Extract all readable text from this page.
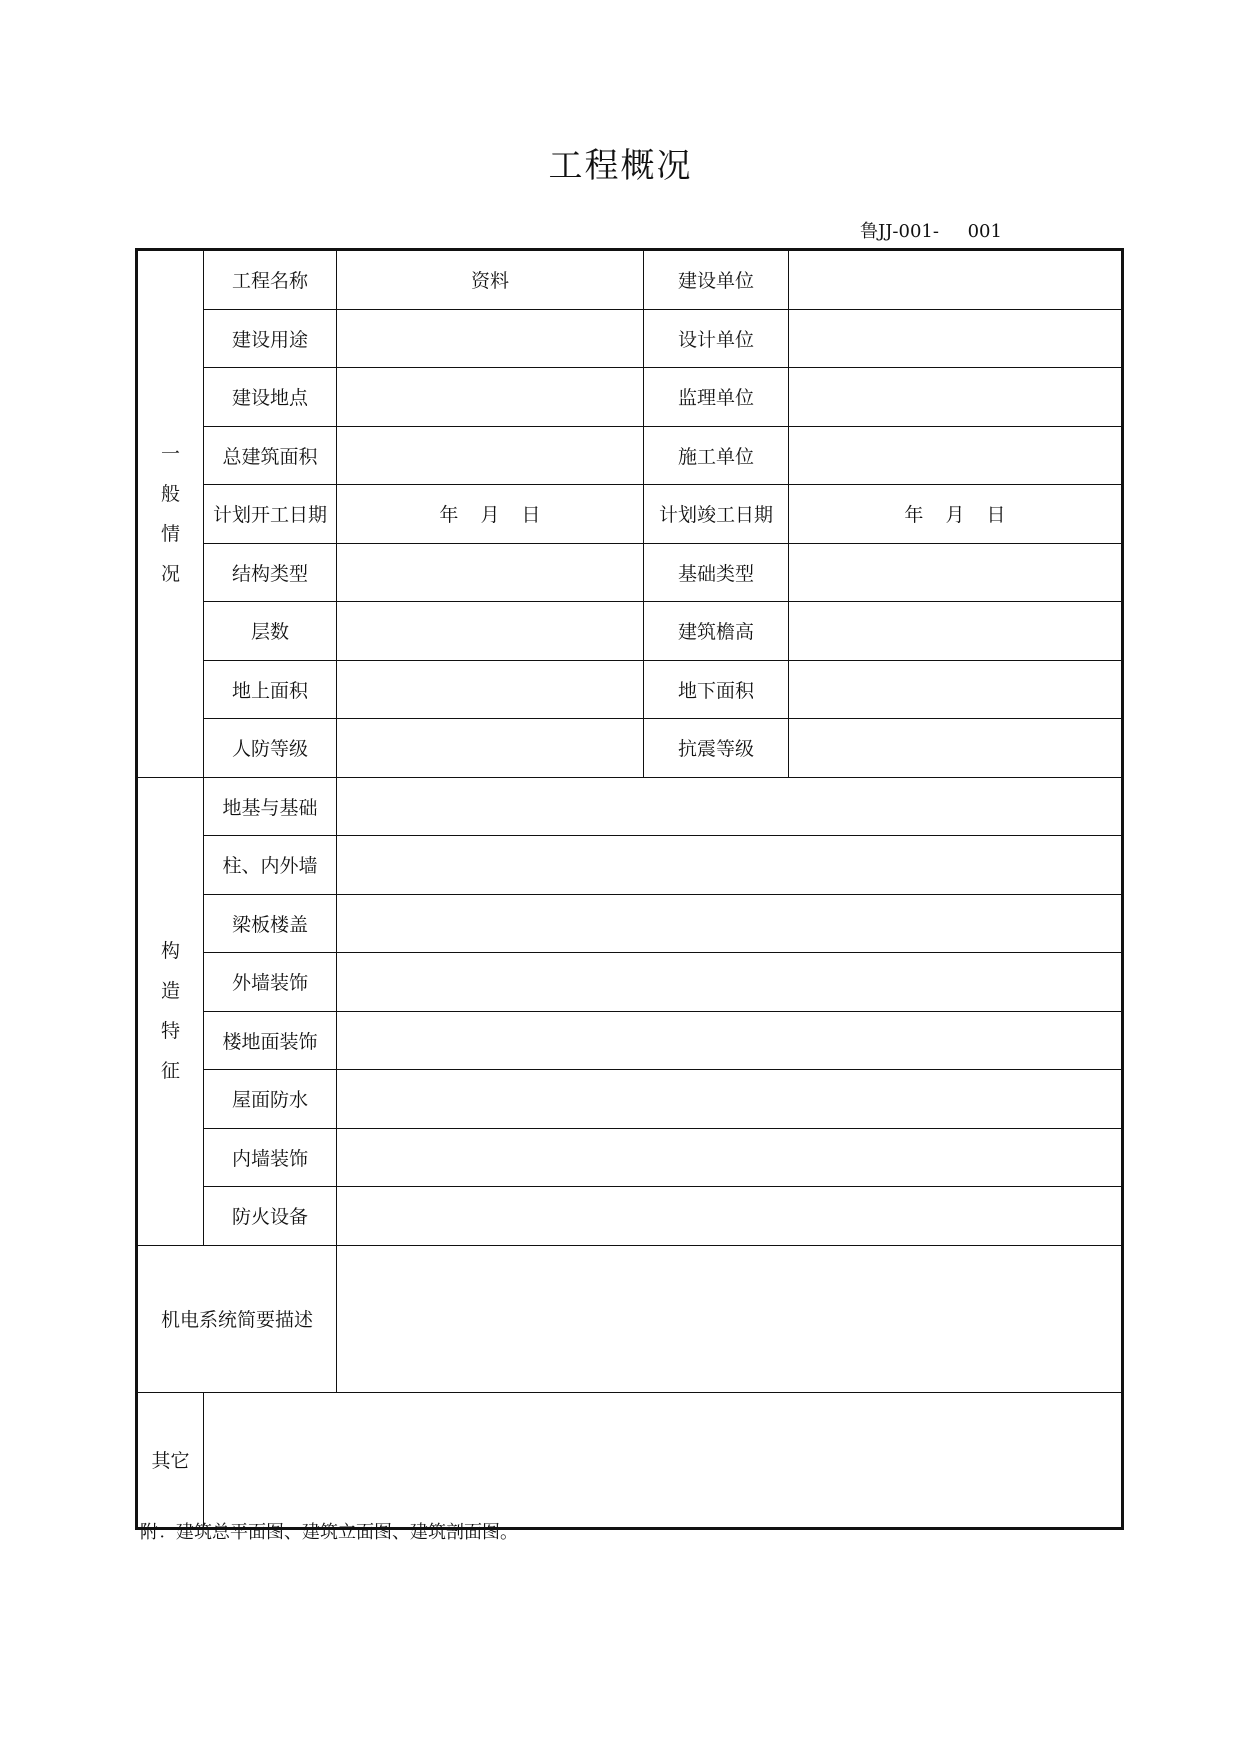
工程概况
鲁JJ-001- 001
一
般
情
况	工程名称	资料	建设单位	
	建设用途		设计单位	
	建设地点		监理单位	
	总建筑面积		施工单位	
	计划开工日期	年 月 日	计划竣工日期	年 月 日
	结构类型		基础类型	
	层数		建筑檐高	
	地上面积		地下面积	
	人防等级		抗震等级	

构
造
特
征	地基与基础			
	柱、内外墙			
	梁板楼盖			
	外墙装饰			
	楼地面装饰			
	屋面防水			
	内墙装饰			
	防火设备			
机电系统简要描述				
其它				
附：建筑总平面图、建筑立面图、建筑剖面图。
